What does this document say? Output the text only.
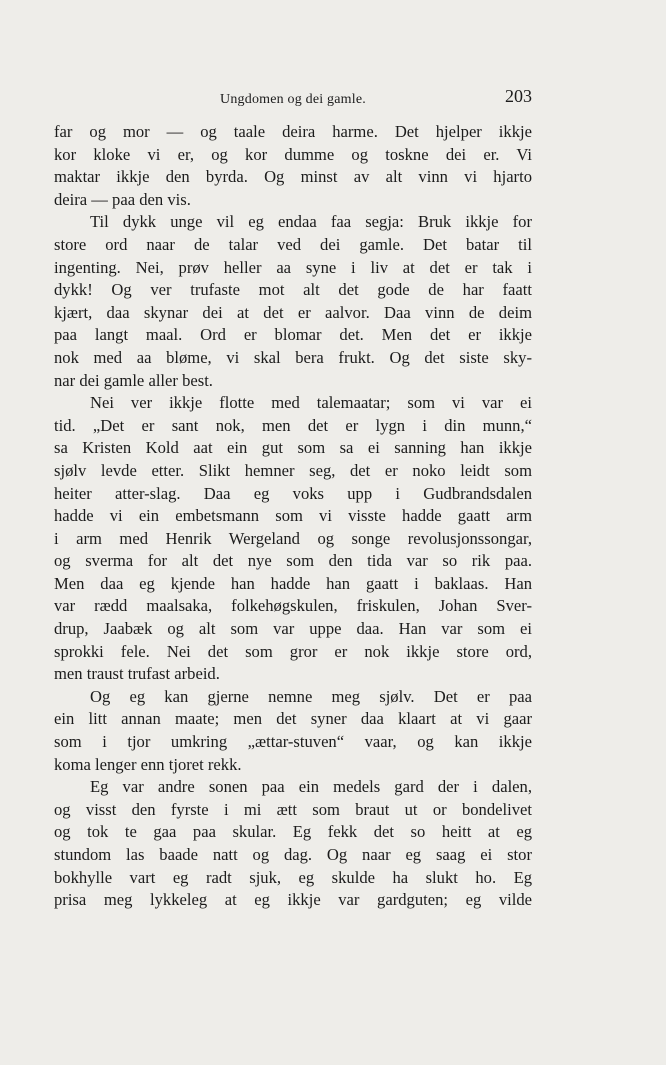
Ungdomen og dei gamle.	203
far og mor — og taale deira harme. Det hjelper ikkje
kor kloke vi er, og kor dumme og toskne dei er. Vi
maktar ikkje den byrda. Og minst av alt vinn vi hjarto
deira — paa den vis.
Til dykk unge vil eg endaa faa segja: Bruk ikkje for
store ord naar de talar ved dei gamle. Det batar til
ingenting. Nei, prøv heller aa syne i liv at det er tak i
dykk! Og ver trufaste mot alt det gode de har faatt
kjært, daa skynar dei at det er aalvor. Daa vinn de deim
paa langt maal. Ord er blomar det. Men det er ikkje
nok med aa bløme, vi skal bera frukt. Og det siste sky-
nar dei gamle aller best.
Nei ver ikkje flotte med talemaatar; som vi var ei
tid. „Det er sant nok, men det er lygn i din munn,“
sa Kristen Kold aat ein gut som sa ei sanning han ikkje
sjølv levde etter. Slikt hemner seg, det er noko leidt som
heiter atter-slag. Daa eg voks upp i Gudbrandsdalen
hadde vi ein embetsmann som vi visste hadde gaatt arm
i arm med Henrik Wergeland og songe revolusjonssongar,
og sverma for alt det nye som den tida var so rik paa.
Men daa eg kjende han hadde han gaatt i baklaas. Han
var rædd maalsaka, folkehøgskulen, friskulen, Johan Sver-
drup, Jaabæk og alt som var uppe daa. Han var som ei
sprokki fele. Nei det som gror er nok ikkje store ord,
men traust trufast arbeid.
Og eg kan gjerne nemne meg sjølv. Det er paa
ein litt annan maate; men det syner daa klaart at vi gaar
som i tjor umkring „ættar-stuven“ vaar, og kan ikkje
koma lenger enn tjoret rekk.
Eg var andre sonen paa ein medels gard der i dalen,
og visst den fyrste i mi ætt som braut ut or bondelivet
og tok te gaa paa skular. Eg fekk det so heitt at eg
stundom las baade natt og dag. Og naar eg saag ei stor
bokhylle vart eg radt sjuk, eg skulde ha slukt ho. Eg
prisa meg lykkeleg at eg ikkje var gardguten; eg vilde
